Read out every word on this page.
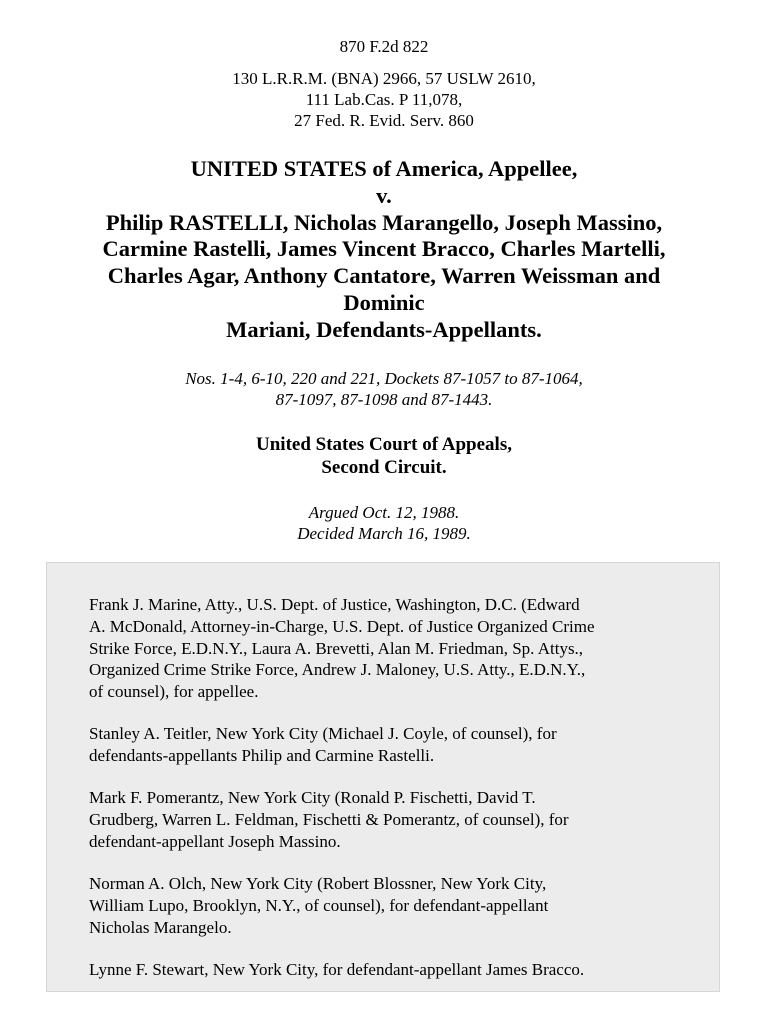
870 F.2d 822
130 L.R.R.M. (BNA) 2966, 57 USLW 2610,
111 Lab.Cas. P 11,078,
27 Fed. R. Evid. Serv. 860
UNITED STATES of America, Appellee,
v.
Philip RASTELLI, Nicholas Marangello, Joseph Massino,
Carmine Rastelli, James Vincent Bracco, Charles Martelli,
Charles Agar, Anthony Cantatore, Warren Weissman and
Dominic
Mariani, Defendants-Appellants.
Nos. 1-4, 6-10, 220 and 221, Dockets 87-1057 to 87-1064,
87-1097, 87-1098 and 87-1443.
United States Court of Appeals,
Second Circuit.
Argued Oct. 12, 1988.
Decided March 16, 1989.
Frank J. Marine, Atty., U.S. Dept. of Justice, Washington, D.C. (Edward
A. McDonald, Attorney-in-Charge, U.S. Dept. of Justice Organized Crime
Strike Force, E.D.N.Y., Laura A. Brevetti, Alan M. Friedman, Sp. Attys.,
Organized Crime Strike Force, Andrew J. Maloney, U.S. Atty., E.D.N.Y.,
of counsel), for appellee.
Stanley A. Teitler, New York City (Michael J. Coyle, of counsel), for
defendants-appellants Philip and Carmine Rastelli.
Mark F. Pomerantz, New York City (Ronald P. Fischetti, David T.
Grudberg, Warren L. Feldman, Fischetti & Pomerantz, of counsel), for
defendant-appellant Joseph Massino.
Norman A. Olch, New York City (Robert Blossner, New York City,
William Lupo, Brooklyn, N.Y., of counsel), for defendant-appellant
Nicholas Marangelo.
Lynne F. Stewart, New York City, for defendant-appellant James Bracco.
